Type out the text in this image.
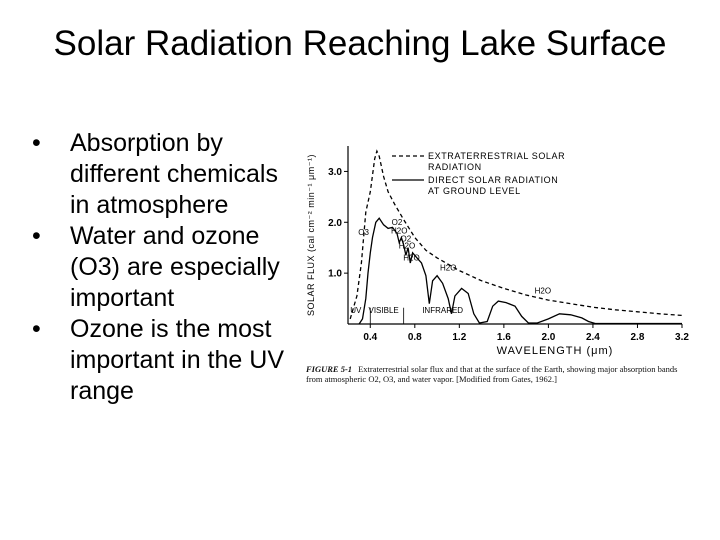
Solar Radiation Reaching Lake Surface
• Absorption by different chemicals in atmosphere
• Water and ozone (O3) are especially important
• Ozone is the most important in the UV range
0.4	0.8	1.2	1.6	2.0	2.4	2.8	3.2
1.0
2.0
3.0
WAVELENGTH (μm)
SOLAR FLUX (cal cm⁻² min⁻¹ μm⁻¹)	EXTRATERRESTRIAL SOLAR RADIATION
DIRECT SOLAR RADIATION AT GROUND LEVEL
O3
O2
H2O
O2
H2O
H2O
H2O
H2O
UV VISIBLE	INFRARED
FIGURE 5-1 Extraterrestrial solar flux and that at the surface of the Earth, showing major absorption bands from atmospheric O2, O3, and water vapor. [Modified from Gates, 1962.]
